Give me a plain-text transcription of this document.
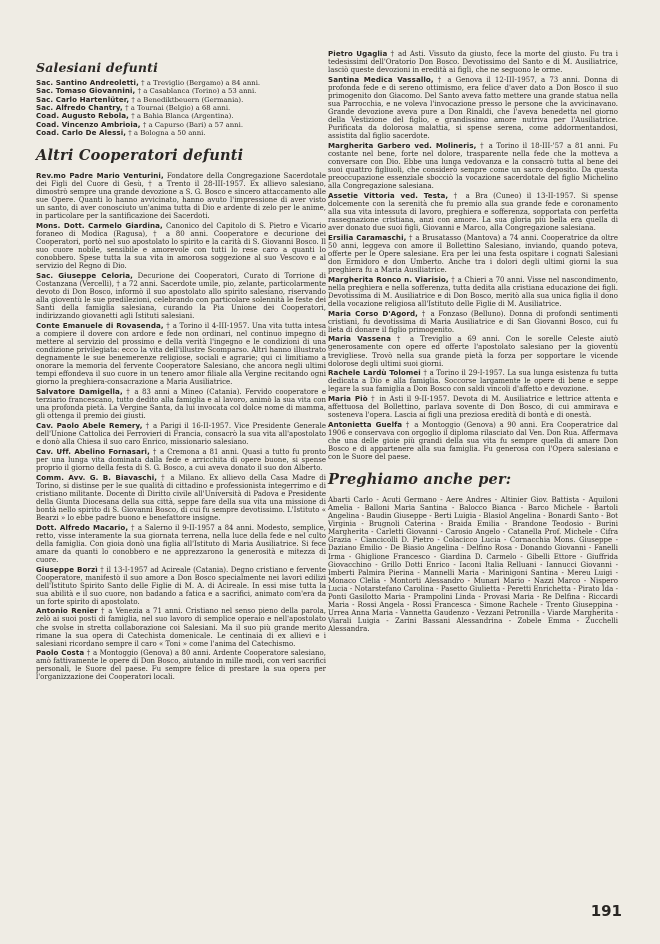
Salesiani defunti

Sac. Santino Andreoletti, † a Treviglio (Bergamo) a 84 anni.

Sac. Tomaso Giovannini, † a Casablanca (Torino) a 53 anni.

Sac. Carlo Hartenlüter, † a Benediktbeuern (Germania).

Sac. Alfredo Chantry, † a Tournai (Belgio) a 68 anni.

Coad. Augusto Rebola, † a Bahia Blanca (Argentina).

Coad. Vincenzo Ambrioia, † a Capurso (Bari) a 57 anni.

Coad. Carlo De Alessi, † a Bologna a 50 anni.

Altri Cooperatori defunti

Rev.mo Padre Mario Venturini, Fondatore della Congregazione Sacerdotale dei Figli del Cuore di Gesù, † a Trento il 28-III-1957. Ex allievo salesiano, dimostrò sempre una grande devozione a S. G. Bosco e sincero attaccamento alle sue Opere. Quanti lo hanno avvicinato, hanno avuto l'impressione di aver visto un santo, di aver conosciuto un'anima tutta di Dio e ardente di zelo per le anime, in particolare per la santificazione dei Sacerdoti.

Mons. Dott. Carmelo Giardina, Canonico del Capitolo di S. Pietro e Vicario foraneo di Modica (Ragusa), † a 80 anni. Cooperatore e decurione dei Cooperatori, portò nel suo apostolato lo spirito e la carità di S. Giovanni Bosco. Il suo cuore nobile, sensibile e amorevole con tutti lo rese caro a quanti lo conobbero. Spese tutta la sua vita in amorosa soggezione al suo Vescovo e al servizio del Regno di Dio.

Sac. Giuseppe Celoria, Decurione dei Cooperatori, Curato di Torrione di Costanzana (Vercelli), † a 72 anni. Sacerdote umile, pio, zelante, particolarmente devoto di Don Bosco, informò il suo apostolato allo spirito salesiano, riservando alla gioventù le sue predilezioni, celebrando con particolare solennità le feste dei Santi della famiglia salesiana, curando la Pia Unione dei Cooperatori, indirizzando giovanetti agli Istituti salesiani.

Conte Emanuele di Rovasenda, † a Torino il 4-III-1957. Una vita tutta intesa a compiere il dovere con ardore e fede non ordinari, nel continuo impegno di mettere al servizio del prossimo e della verità l'ingegno e le condizioni di una condizione privilegiata: ecco la vita dell'illustre Scomparso. Altri hanno illustrato degnamente le sue benemerenze religiose, sociali e agrarie; qui ci limitiamo a onorare la memoria del fervente Cooperatore Salesiano, che ancora negli ultimi tempi effondeva il suo cuore in un tenero amor filiale alla Vergine recitando ogni giorno la preghiera-consacrazione a Maria Ausiliatrice.

Salvatore Damigella, † a 83 anni a Mineo (Catania). Fervido cooperatore e terziario francescano, tutto dedito alla famiglia e al lavoro, animò la sua vita con una profonda pietà. La Vergine Santa, da lui invocata col dolce nome di mamma, gli ottenga il premio dei giusti.

Cav. Paolo Abele Remery, † a Parigi il 16-II-1957. Vice Presidente Generale dell'Unione Cattolica dei Ferrovieri di Francia, consacrò la sua vita all'apostolato e donò alla Chiesa il suo caro Enrico, missionario salesiano.

Cav. Uff. Abelino Fornasari, † a Cremona a 81 anni. Quasi a tutto fu pronto per una lunga vita dominata dalla fede e arricchita di opere buone, si spense proprio il giorno della festa di S. G. Bosco, a cui aveva donato il suo don Alberto.

Comm. Avv. G. B. Biavaschi, † a Milano. Ex allievo della Casa Madre di Torino, si distinse per le sue qualità di cittadino e professionista integerrimo e di cristiano militante. Docente di Diritto civile all'Università di Padova e Presidente della Giunta Diocesana della sua città, seppe fare della sua vita una missione di bontà nello spirito di S. Giovanni Bosco, di cui fu sempre devotissimo. L'Istituto « Bearzi » lo ebbe padre buono e benefattore insigne.

Dott. Alfredo Macario, † a Salerno il 9-II-1957 a 84 anni. Modesto, semplice, retto, visse interamente la sua giornata terrena, nella luce della fede e nel culto della famiglia. Con gioia donò una figlia all'Istituto di Maria Ausiliatrice. Si fece amare da quanti lo conobbero e ne apprezzarono la generosità e mitezza di cuore.

Giuseppe Borzì † il 13-I-1957 ad Acireale (Catania). Degno cristiano e fervente Cooperatore, manifestò il suo amore a Don Bosco specialmente nei lavori edilizi dell'Istituto Spirito Santo delle Figlie di M. A. di Acireale. In essi mise tutta la sua abilità e il suo cuore, non badando a fatica e a sacrifici, animato com'era da un forte spirito di apostolato.

Antonio Renier † a Venezia a 71 anni. Cristiano nel senso pieno della parola, zelò ai suoi posti di famiglia, nel suo lavoro di semplice operaio e nell'apostolato che svolse in stretta collaborazione coi Salesiani. Ma il suo più grande merito rimane la sua opera di Catechista domenicale. Le centinaia di ex allievi e i salesiani ricordano sempre il caro « Toni » come l'anima del Catechismo.

Paolo Costa † a Montoggio (Genova) a 80 anni. Ardente Cooperatore salesiano, amò fattivamente le opere di Don Bosco, aiutando in mille modi, con veri sacrifici personali, le Suore del paese. Fu sempre felice di prestare la sua opera per l'organizzazione dei Cooperatori locali.

Pietro Ugaglia † ad Asti. Vissuto da giusto, fece la morte del giusto. Fu tra i tedesissimi dell'Oratorio Don Bosco. Devotissimo del Santo e di M. Ausiliatrice, lasciò queste devozioni in eredità ai figli, che ne seguono le orme.

Santina Medica Vassallo, † a Genova il 12-III-1957, a 73 anni. Donna di profonda fede e di sereno ottimismo, era felice d'aver dato a Don Bosco il suo primogenito don Giacomo. Del Santo aveva fatto mettere una grande statua nella sua Parrocchia, e ne voleva l'invocazione presso le persone che la avvicinavano. Grande devozione aveva pure a Don Rinaldi, che l'aveva benedetta nel giorno della Vestizione del figlio, e grandissimo amore nutriva per l'Ausiliatrice. Purificata da dolorosa malattia, si spense serena, come addormentandosi, assistita dal figlio sacerdote.

Margherita Garbero ved. Molineris, † a Torino il 18-III-'57 a 81 anni. Fu costante nel bene, forte nel dolore, trasparente nella fede che la motteva a conversare con Dio. Ebbe una lunga vedovanza e la consacrò tutta al bene dei suoi quattro figliuoli, che considerò sempre come un sacro deposito. Da questa preoccupazione essenziale sbocciò la vocazione sacerdotale del figlio Michelino alla Congregazione salesiana.

Assetie Vittoria ved. Testa, † a Bra (Cuneo) il 13-II-1957. Si spense dolcemente con la serenità che fu premio alla sua grande fede e coronamento alla sua vita intessuta di lavoro, preghiera e sofferenza, sopportata con perfetta rassegnazione cristiana, anzi con amore. La sua gloria più bella era quella di aver donato due suoi figli, Giovanni e Marco, alla Congregazione salesiana.

Ersilia Caramaschi, † a Brusatasso (Mantova) a 74 anni. Cooperatrice da oltre 50 anni, leggeva con amore il Bollettino Salesiano, inviando, quando poteva, offerte per le Opere salesiane. Era per lei una festa ospitare i cognati Salesiani don Ermidoro e don Umberto. Anche tra i dolori degli ultimi giorni la sua preghiera fu a Maria Ausiliatrice.

Margherita Ronco n. Viarisio, † a Chieri a 70 anni. Visse nel nascondimento, nella preghiera e nella sofferenza, tutta dedita alla cristiana educazione dei figli. Devotissima di M. Ausiliatrice e di Don Bosco, meritò alla sua unica figlia il dono della vocazione religiosa all'Istituto delle Figlie di M. Ausiliatrice.

Maria Corso D'Agord, † a Fonzaso (Belluno). Donna di profondi sentimenti cristiani, fu devotissima di Maria Ausiliatrice e di San Giovanni Bosco, cui fu lieta di donare il figlio primogenito.

Maria Vassena † a Treviglio a 69 anni. Con le sorelle Celeste aiutò generosamente con opere ed offerte l'apostolato salesiano per la gioventù trevigliese. Trovò nella sua grande pietà la forza per sopportare le vicende dolorose degli ultimi suoi giorni.

Rachele Lardù Tolomei † a Torino il 29-I-1957. La sua lunga esistenza fu tutta dedicata a Dio e alla famiglia. Soccorse largamente le opere di bene e seppe legare la sua famiglia a Don Bosco con saldi vincoli d'affetto e devozione.

Maria Piò † in Asti il 9-II-1957. Devota di M. Ausiliatrice e lettrice attenta e affettuosa del Bollettino, parlava sovente di Don Bosco, di cui ammirava e sosteneva l'opera. Lascia ai figli una preziosa eredità di bontà e di onestà.

Antonietta Guelfa † a Montoggio (Genova) a 90 anni. Era Cooperatrice dal 1906 e conservava con orgoglio il diploma rilasciato dal Ven. Don Rua. Affermava che una delle gioie più grandi della sua vita fu sempre quella di amare Don Bosco e di appartenere alla sua famiglia. Fu generosa con l'Opera salesiana e con le Suore del paese.

Preghiamo anche per:

Abarti Carlo - Acuti Germano - Aere Andres - Altinier Giov. Battista - Aquiloni Amelia - Balloni Maria Santina - Balocco Bianca - Barco Michele - Bartoli Angelina - Baudin Giuseppe - Berti Luigia - Blasiol Angelina - Bonardi Santo - Bot Virginia - Brugnoli Caterina - Braida Emilia - Brandone Teodosio - Burini Margherita - Carletti Giovanni - Carosio Angelo - Catanella Prof. Michele - Cifra Grazia - Ciancicolli D. Pietro - Colacicco Lucia - Cornacchia Mons. Giuseppe - Daziano Emilio - De Biasio Angelina - Delfino Rosa - Donando Giovanni - Fanelli Irma - Ghiglione Francesco - Giardina D. Carmelo - Gibelli Ettore - Giuffrida Giovacchino - Grillo Dotti Enrico - Iaconi Italia Relluani - Iannucci Giovanni - Imberti Palmira Pierina - Mannelli Maria - Marinigoni Santina - Mereu Luigi - Monaco Clelia - Montorti Alessandro - Munari Mario - Nazzi Marco - Nispero Lucia - Notarstefano Carolina - Pasetto Giulietta - Peretti Enrichetta - Pirato Ida - Ponti Gasilotto Maria - Prampolini Linda - Provasi Maria - Re Delfina - Riccardi Maria - Rossi Angela - Rossi Francesca - Simone Rachele - Trento Giuseppina - Urrea Anna Maria - Vannetta Gaudenzo - Vezzani Petronilla - Viarde Margherita - Viarali Luigia - Zarini Bassani Alessandrina - Zobele Emma - Zucchelli Alessandra.

191
